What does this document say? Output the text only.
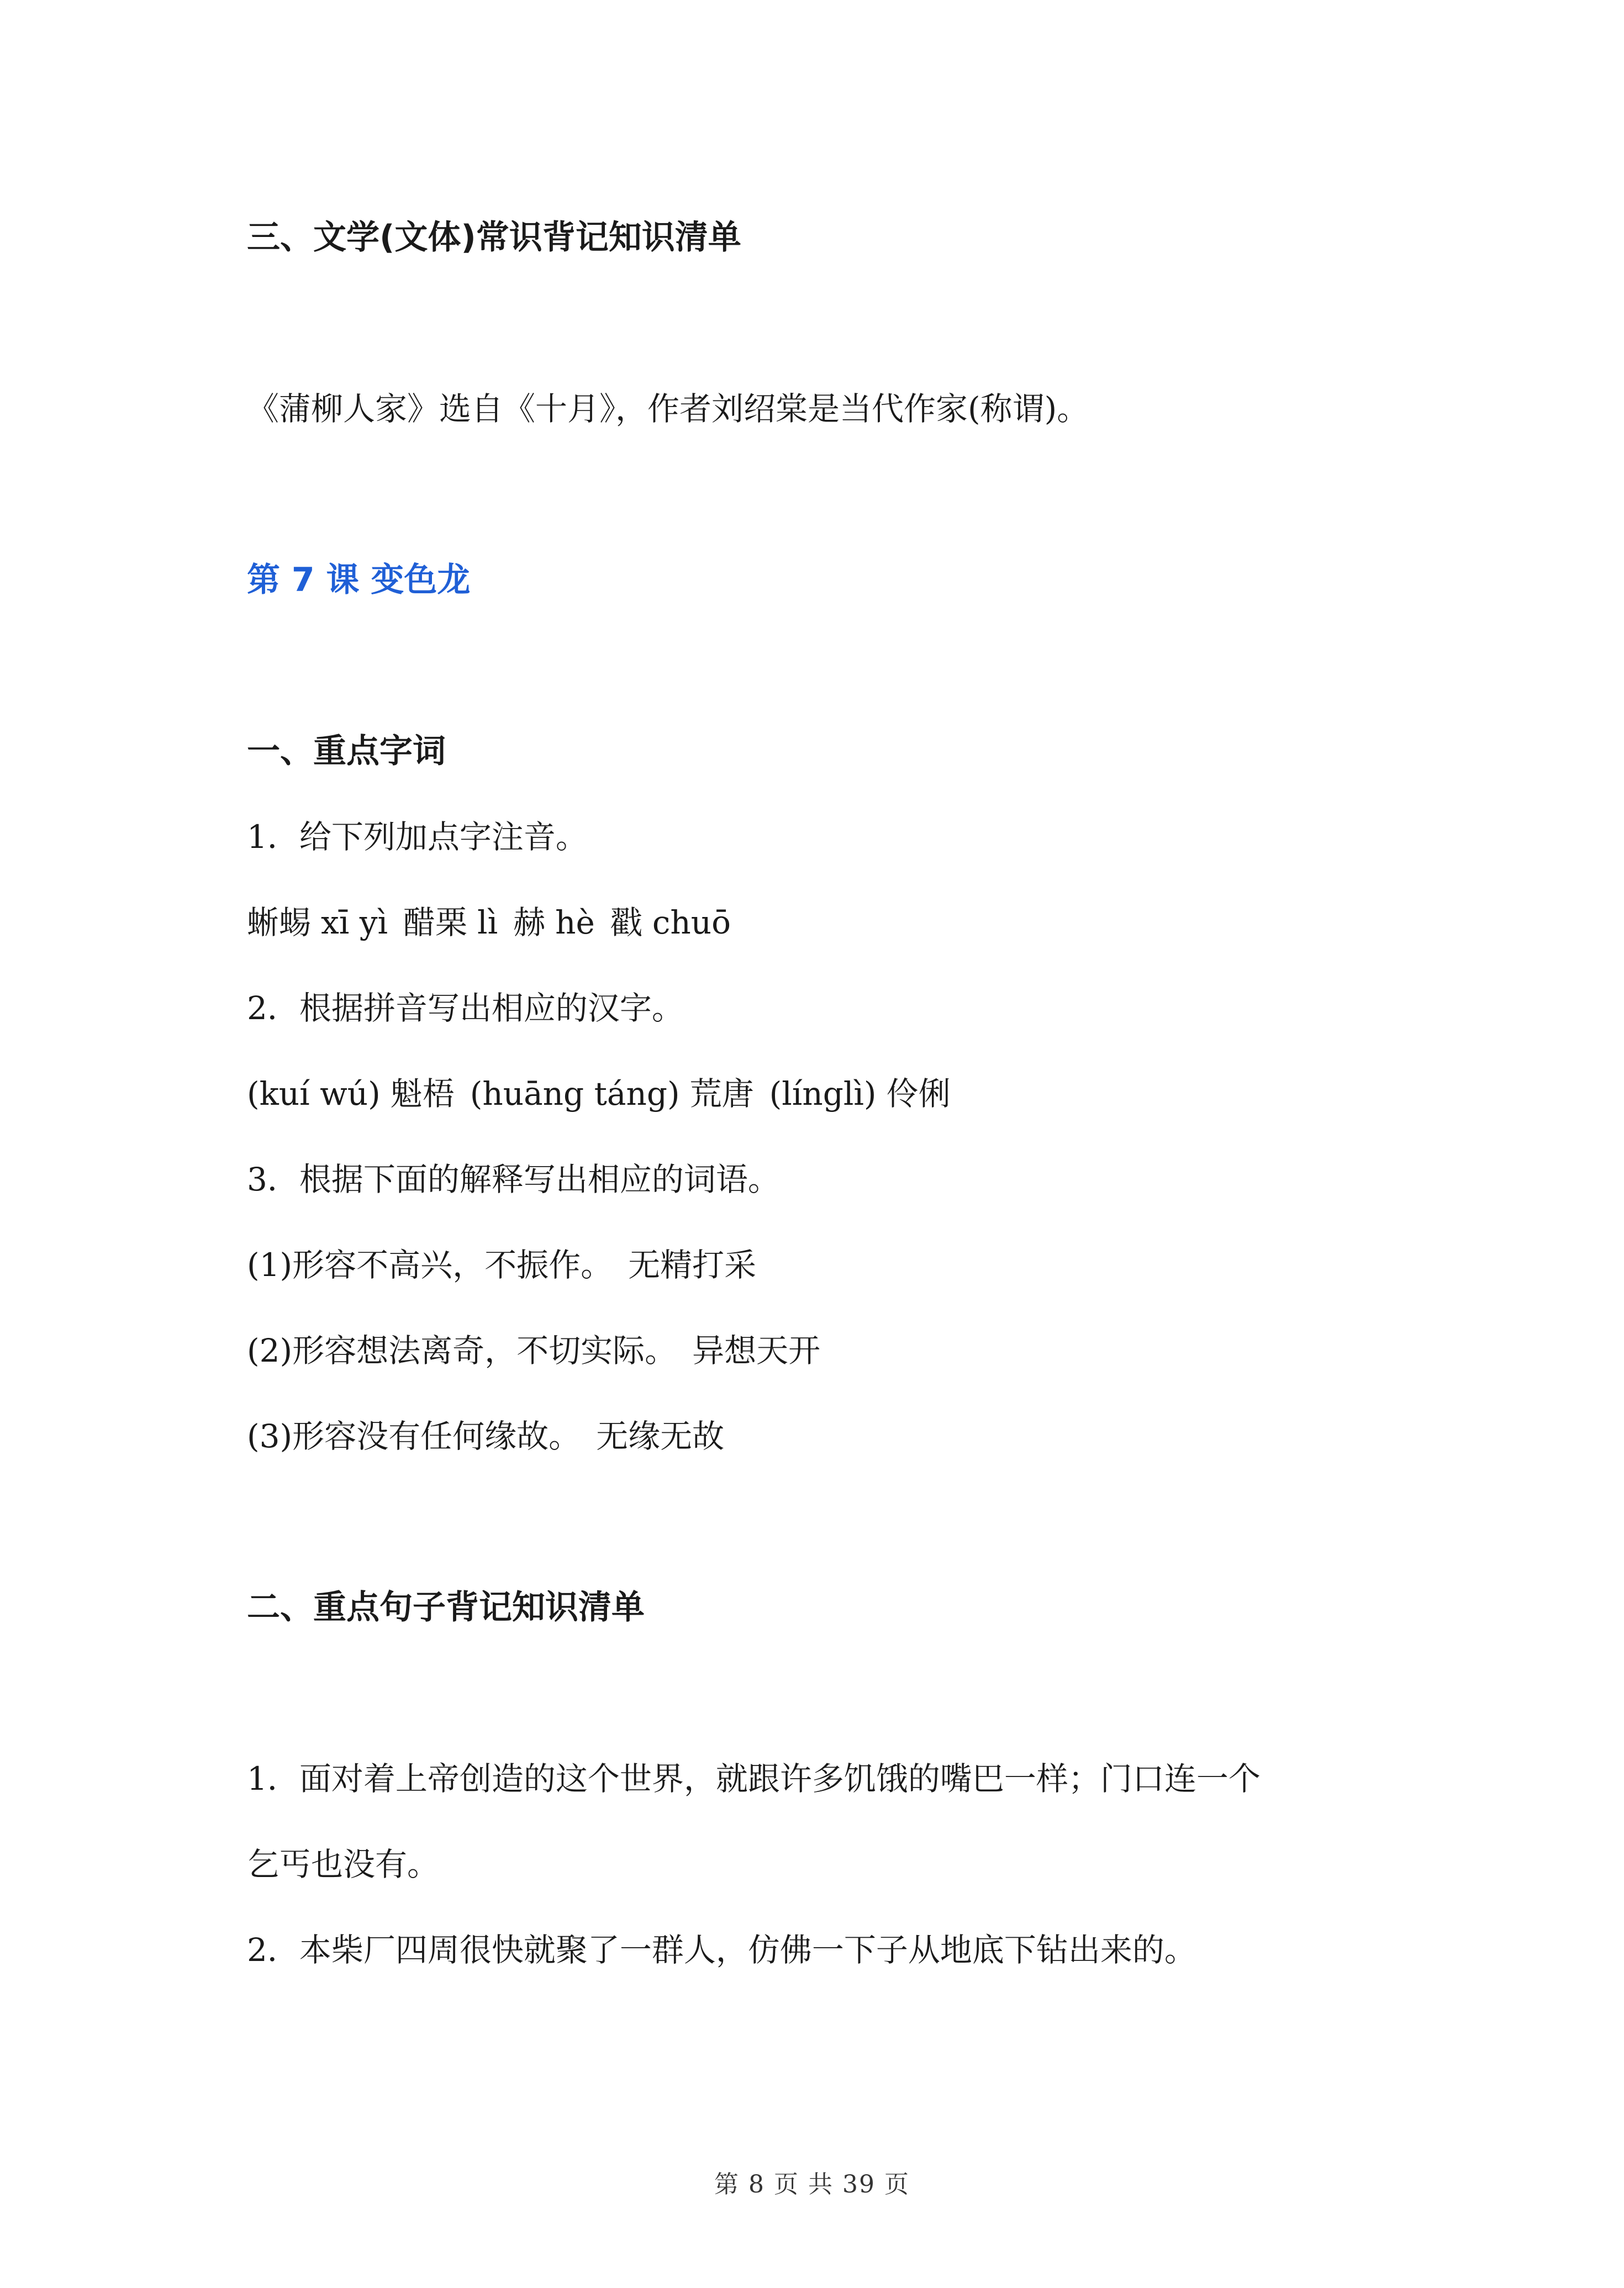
三、文学(文体)常识背记知识清单
《蒲柳人家》选自《十月》，作者刘绍棠是当代作家(称谓)。
第 7 课 变色龙
一、重点字词
1．给下列加点字注音。
蜥蜴 xī yì 醋栗 lì 赫 hè 戳 chuō
2．根据拼音写出相应的汉字。
(kuí wú) 魁梧 (huāng táng) 荒唐 (línglì) 伶俐
3．根据下面的解释写出相应的词语。
(1)形容不高兴，不振作。 无精打采
(2)形容想法离奇，不切实际。 异想天开
(3)形容没有任何缘故。 无缘无故
二、重点句子背记知识清单
1．面对着上帝创造的这个世界，就跟许多饥饿的嘴巴一样；门口连一个
乞丐也没有。
2．本柴厂四周很快就聚了一群人，仿佛一下子从地底下钻出来的。
第 8 页 共 39 页
